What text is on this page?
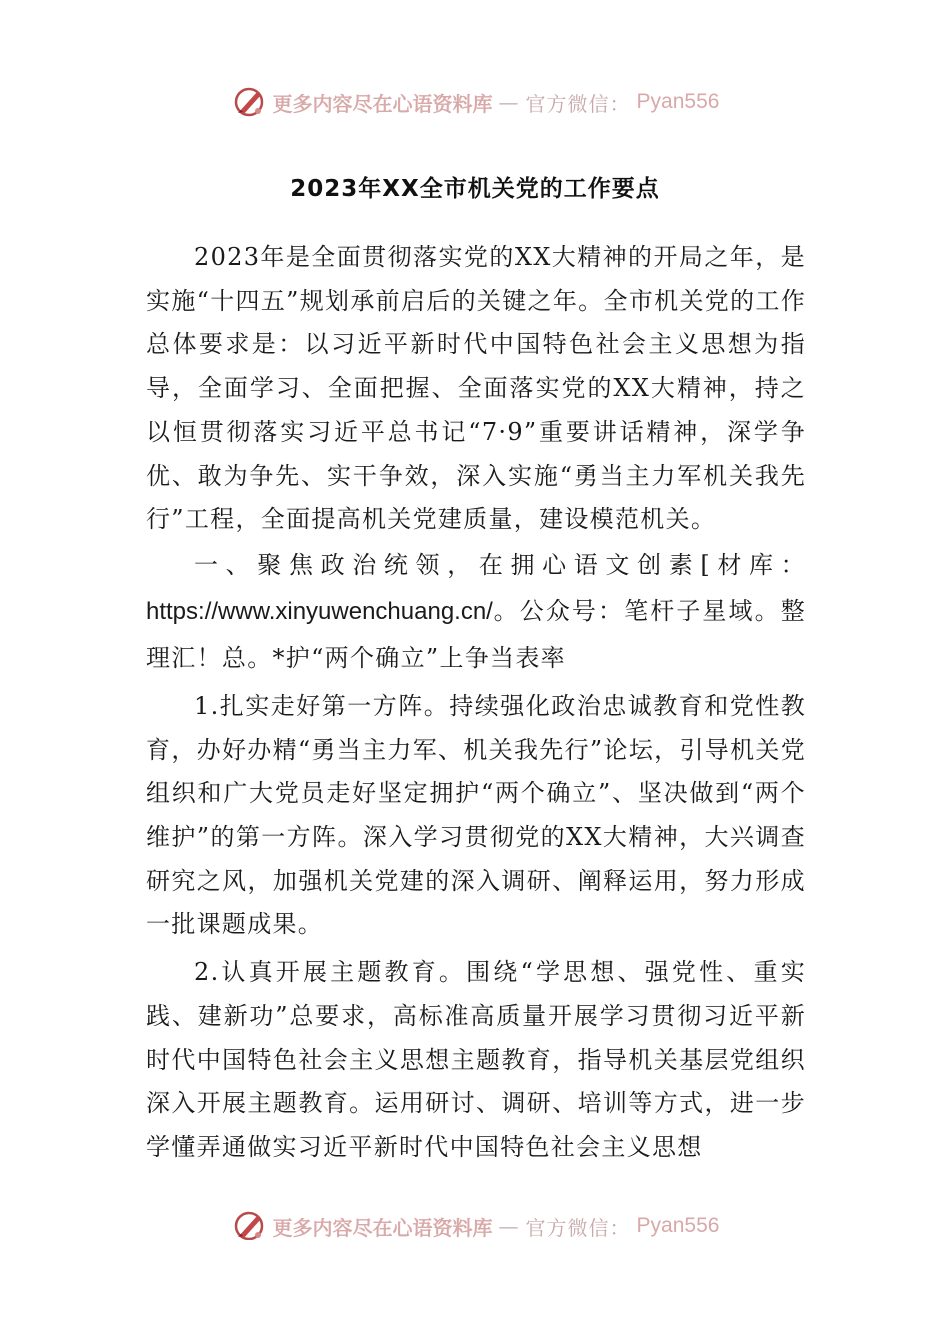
更多内容尽在心语资料库 — 官方微信： Pyan556
2023年XX全市机关党的工作要点

2023年是全面贯彻落实党的XX大精神的开局之年，是实施“十四五”规划承前启后的关键之年。全市机关党的工作总体要求是：以习近平新时代中国特色社会主义思想为指导，全面学习、全面把握、全面落实党的XX大精神，持之以恒贯彻落实习近平总书记“7·9”重要讲话精神，深学争优、敢为争先、实干争效，深入实施“勇当主力军机关我先行”工程，全面提高机关党建质量，建设模范机关。

一、聚焦政治统领，在拥心语文创素[材库：https://www.xinyuwenchuang.cn/。公众号：笔杆子星域。整理汇！总。*护“两个确立”上争当表率

1.扎实走好第一方阵。持续强化政治忠诚教育和党性教育，办好办精“勇当主力军、机关我先行”论坛，引导机关党组织和广大党员走好坚定拥护“两个确立”、坚决做到“两个维护”的第一方阵。深入学习贯彻党的XX大精神，大兴调查研究之风，加强机关党建的深入调研、阐释运用，努力形成一批课题成果。

2.认真开展主题教育。围绕“学思想、强党性、重实践、建新功”总要求，高标准高质量开展学习贯彻习近平新时代中国特色社会主义思想主题教育，指导机关基层党组织深入开展主题教育。运用研讨、调研、培训等方式，进一步学懂弄通做实习近平新时代中国特色社会主义思想

更多内容尽在心语资料库 — 官方微信： Pyan556
